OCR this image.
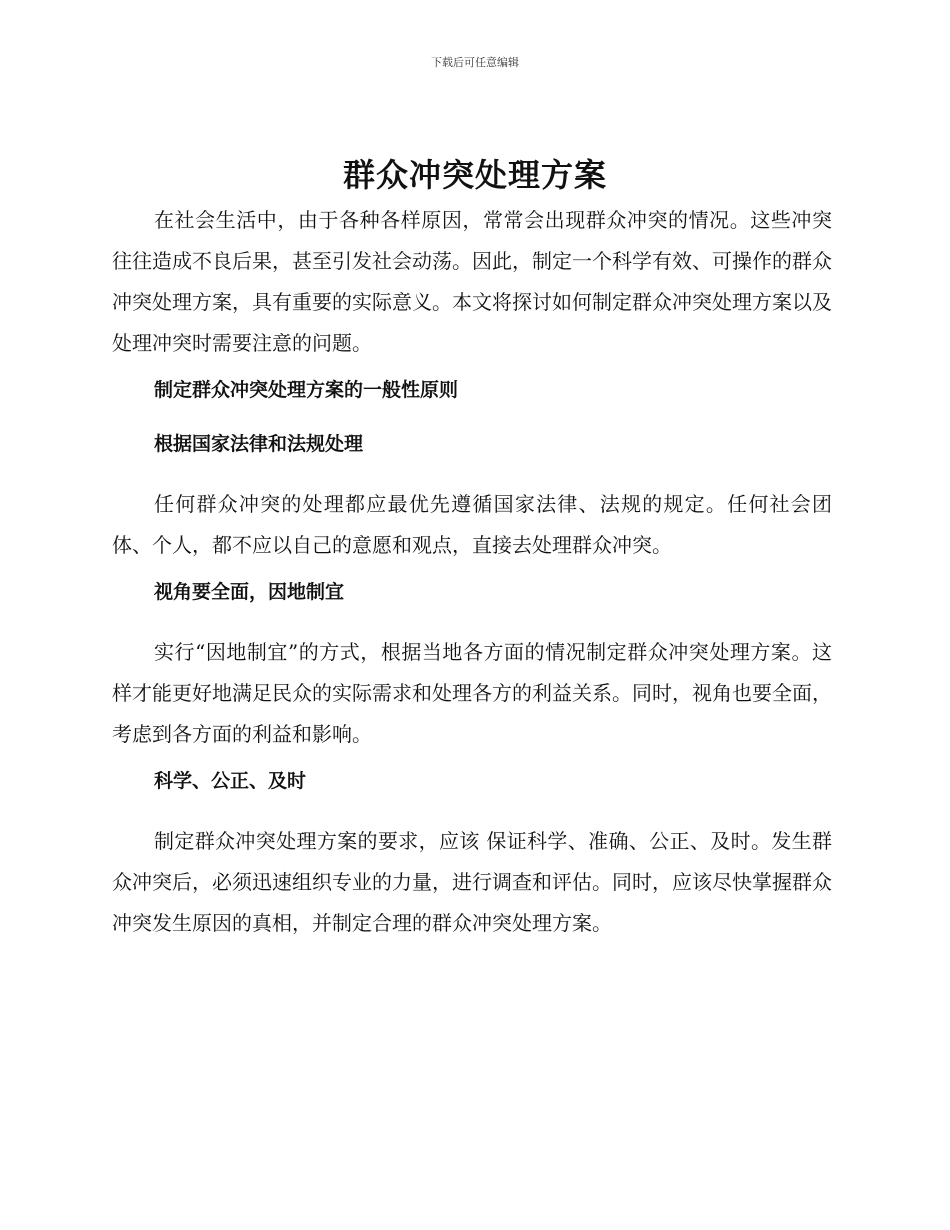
下载后可任意编辑
群众冲突处理方案

在社会生活中，由于各种各样原因，常常会出现群众冲突的情况。这些冲突往往造成不良后果，甚至引发社会动荡。因此，制定一个科学有效、可操作的群众冲突处理方案，具有重要的实际意义。本文将探讨如何制定群众冲突处理方案以及处理冲突时需要注意的问题。

制定群众冲突处理方案的一般性原则
根据国家法律和法规处理

任何群众冲突的处理都应最优先遵循国家法律、法规的规定。任何社会团体、个人，都不应以自己的意愿和观点，直接去处理群众冲突。

视角要全面，因地制宜

实行“因地制宜”的方式，根据当地各方面的情况制定群众冲突处理方案。这样才能更好地满足民众的实际需求和处理各方的利益关系。同时，视角也要全面，考虑到各方面的利益和影响。

科学、公正、及时

制定群众冲突处理方案的要求，应该 保证科学、准确、公正、及时。发生群众冲突后，必须迅速组织专业的力量，进行调查和评估。同时，应该尽快掌握群众冲突发生原因的真相，并制定合理的群众冲突处理方案。
